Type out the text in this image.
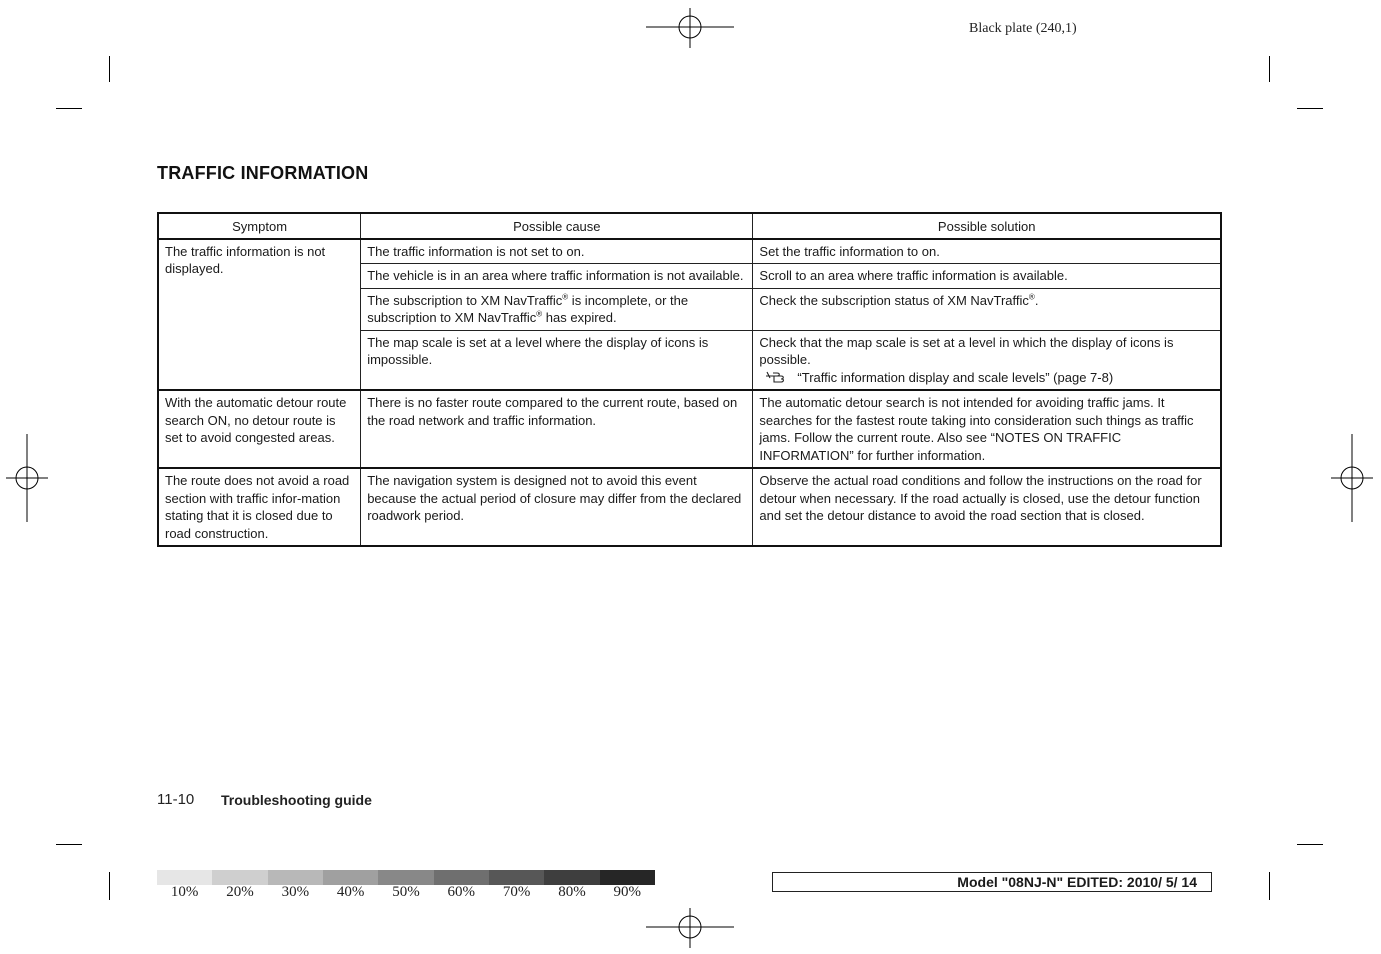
Black plate (240,1)
TRAFFIC INFORMATION
Symptom	Possible cause	Possible solution
The traffic information is not displayed.	The traffic information is not set to on.	Set the traffic information to on.
	The vehicle is in an area where traffic information is not available.	Scroll to an area where traffic information is available.
	The subscription to XM NavTraffic® is incomplete, or the subscription to XM NavTraffic® has expired.	Check the subscription status of XM NavTraffic®.
	The map scale is set at a level where the display of icons is impossible.	Check that the map scale is set at a level in which the display of icons is possible.
“Traffic information display and scale levels” (page 7-8)

With the automatic detour route search ON, no detour route is set to avoid congested areas.	There is no faster route compared to the current route, based on the road network and traffic information.	The automatic detour search is not intended for avoiding traffic jams. It searches for the fastest route taking into consideration such things as traffic jams. Follow the current route. Also see “NOTES ON TRAFFIC INFORMATION” for further information.
The route does not avoid a road section with traffic infor-mation stating that it is closed due to road construction.	The navigation system is designed not to avoid this event because the actual period of closure may differ from the declared roadwork period.	Observe the actual road conditions and follow the instructions on the road for detour when necessary. If the road actually is closed, use the detour function and set the detour distance to avoid the road section that is closed.
11-10 Troubleshooting guide
10%	20%	30%	40%	50%	60%	70%	80%	90%
Model "08NJ-N" EDITED: 2010/ 5/ 14
